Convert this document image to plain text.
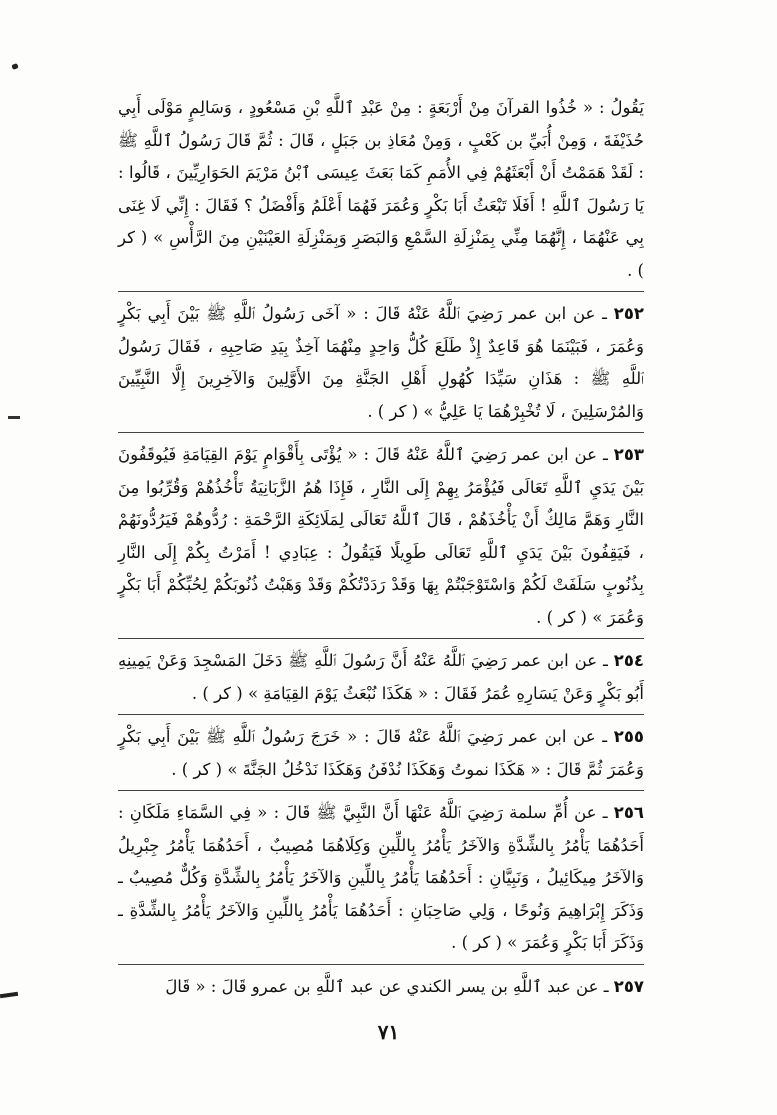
يَقُولُ : « خُذُوا القرآنَ مِنْ أَرْبَعَةٍ : مِنْ عَبْدِ ٱللَّهِ بْنِ مَسْعُودٍ ، وَسَالِمٍ مَوْلَى أَبِي حُذَيْفَةَ ، وَمِنْ أُبَيِّ بن كَعْبٍ ، وَمِنْ مُعَاذِ بن جَبَلٍ ، قَالَ : ثُمَّ قَالَ رَسُولُ ٱللَّهِ ﷺ : لَقَدْ هَمَمْتُ أَنْ أَبْعَثَهُمْ فِي الأُمَمِ كَمَا بَعَثَ عِيسَى ٱبْنُ مَرْيَمَ الحَوَارِيِّينَ ، قَالُوا : يَا رَسُولَ ٱللَّهِ ! أَفَلَا تَبْعَثُ أَبَا بَكْرٍ وَعُمَرَ فَهُمَا أَعْلَمُ وَأَفْضَلُ ؟ فَقَالَ : إِنِّي لَا غِنَى بِي عَنْهُمَا ، إِنَّهُمَا مِنِّي بِمَنْزِلَةِ السَّمْعِ وَالبَصَرِ وَبِمَنْزِلَةِ العَيْنَيْنِ مِنَ الرَّأْسِ » ( كر ) .

٢٥٢ ـ عن ابن عمر رَضِيَ ٱللَّهُ عَنْهُ قَالَ : « آخَى رَسُولُ ٱللَّهِ ﷺ بَيْنَ أَبِي بَكْرٍ وَعُمَرَ ، فَبَيْنَمَا هُوَ قَاعِدٌ إِذْ طَلَعَ كُلُّ وَاحِدٍ مِنْهُمَا آخِذٌ بِيَدِ صَاحِبِهِ ، فَقَالَ رَسُولُ ٱللَّهِ ﷺ : هَذَانِ سَيِّدَا كُهُولِ أَهْلِ الجَنَّةِ مِنَ الأَوَّلِينَ وَالآخِرِينَ إِلَّا النَّبِيِّينَ وَالمُرْسَلِينَ ، لَا تُخْبِرْهُمَا يَا عَلِيُّ » ( كر ) .

٢٥٣ ـ عن ابن عمر رَضِيَ ٱللَّهُ عَنْهُ قَالَ : « يُؤْتَى بِأَقْوَامٍ يَوْمَ القِيَامَةِ فَيُوقَفُونَ بَيْنَ يَدَيِ ٱللَّهِ تَعَالَى فَيُؤْمَرُ بِهِمْ إِلَى النَّارِ ، فَإِذَا هُمُ الزَّبَانِيَةُ تَأْخُذُهُمْ وَقُرِّبُوا مِنَ النَّارِ وَهَمَّ مَالِكٌ أَنْ يَأْخُذَهُمْ ، قَالَ ٱللَّهُ تَعَالَى لِمَلَائِكَةِ الرَّحْمَةِ : رُدُّوهُمْ فَيَرُدُّونَهُمْ ، فَيَقِفُونَ بَيْنَ يَدَيِ ٱللَّهِ تَعَالَى طَوِيلًا فَيَقُولُ : عِبَادِي ! أَمَرْتُ بِكُمْ إِلَى النَّارِ بِذُنُوبٍ سَلَفَتْ لَكُمْ وَاسْتَوْجَبْتُمْ بِهَا وَقَدْ رَدَدْتُكُمْ وَقَدْ وَهَبْتُ ذُنُوبَكُمْ لِحُبِّكُمْ أَبَا بَكْرٍ وَعُمَرَ » ( كر ) .

٢٥٤ ـ عن ابن عمر رَضِيَ ٱللَّهُ عَنْهُ أَنَّ رَسُولَ ٱللَّهِ ﷺ دَخَلَ المَسْجِدَ وَعَنْ يَمِينِهِ أَبُو بَكْرٍ وَعَنْ يَسَارِهِ عُمَرُ فَقَالَ : « هَكَذَا نُبْعَثُ يَوْمَ القِيَامَةِ » ( كر ) .

٢٥٥ ـ عن ابن عمر رَضِيَ ٱللَّهُ عَنْهُ قَالَ : « خَرَجَ رَسُولُ ٱللَّهِ ﷺ بَيْنَ أَبِي بَكْرٍ وَعُمَرَ ثُمَّ قَالَ : « هَكَذَا نموتُ وَهَكَذَا نُدْفَنُ وَهَكَذَا نَدْخُلُ الجَنَّةَ » ( كر ) .

٢٥٦ ـ عن أُمِّ سلمة رَضِيَ ٱللَّهُ عَنْهَا أَنَّ النَّبِيَّ ﷺ قَالَ : « فِي السَّمَاءِ مَلَكَانِ : أَحَدُهُمَا يَأْمُرُ بِالشِّدَّةِ وَالآخَرُ يَأْمُرُ بِاللِّينِ وَكِلَاهُمَا مُصِيبٌ ، أَحَدُهُمَا يَأْمُرُ جِبْرِيلُ وَالآخَرُ مِيكَائِيلُ ، وَنَبِيَّانِ : أَحَدُهُمَا يَأْمُرُ بِاللِّينِ وَالآخَرُ يَأْمُرُ بِالشِّدَّةِ وَكُلٌّ مُصِيبٌ ـ وَذَكَرَ إِبْرَاهِيمَ وَنُوحًا ، وَلِي صَاحِبَانِ : أَحَدُهُمَا يَأْمُرُ بِاللِّينِ وَالآخَرُ يَأْمُرُ بِالشِّدَّةِ ـ وَذَكَرَ أَبَا بَكْرٍ وَعُمَرَ » ( كر ) .

٢٥٧ ـ عن عبد ٱللَّهِ بن يسر الكندي عن عبد ٱللَّهِ بن عمرو قَالَ : « قَالَ

٧١
